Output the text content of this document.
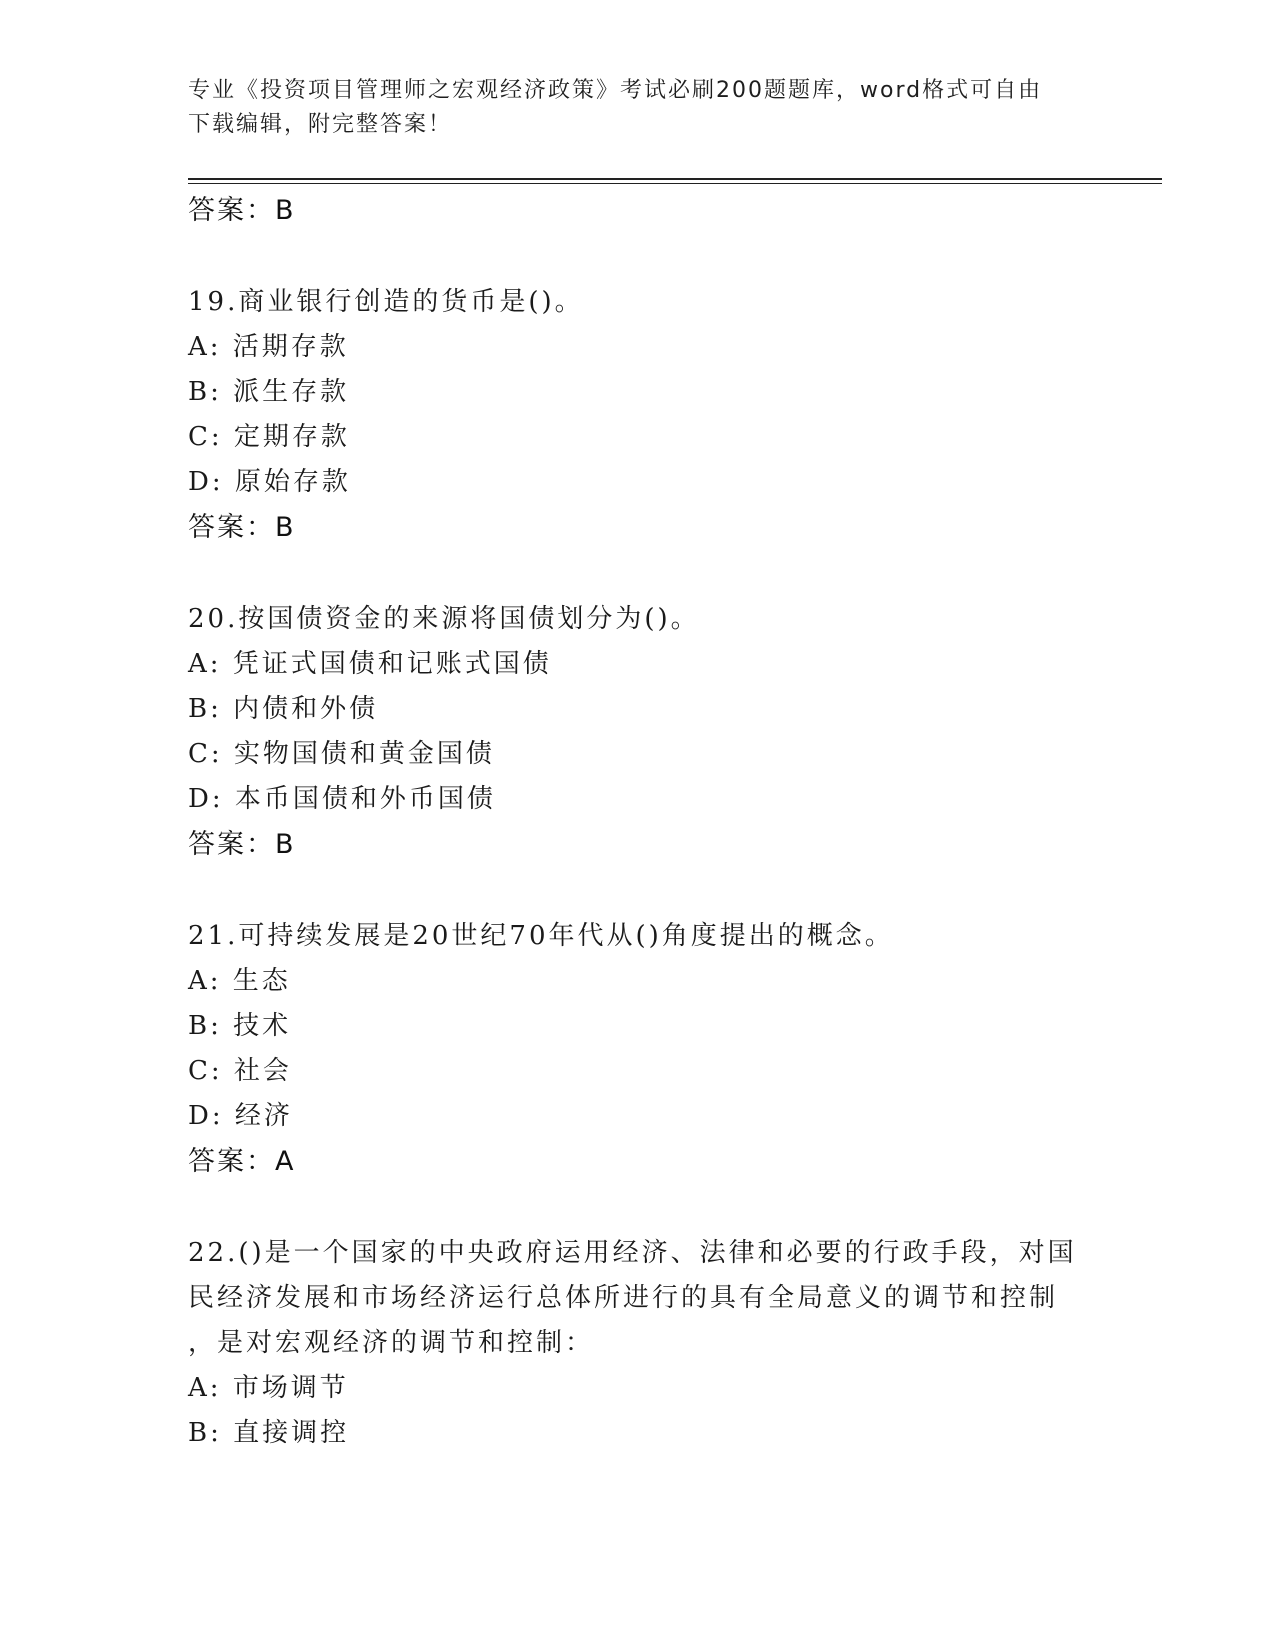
专业《投资项目管理师之宏观经济政策》考试必刷200题题库，word格式可自由
下载编辑，附完整答案！
答案：B
19.商业银行创造的货币是()。
A: 活期存款
B: 派生存款
C: 定期存款
D: 原始存款
答案：B
20.按国债资金的来源将国债划分为()。
A: 凭证式国债和记账式国债
B: 内债和外债
C: 实物国债和黄金国债
D: 本币国债和外币国债
答案：B
21.可持续发展是20世纪70年代从()角度提出的概念。
A: 生态
B: 技术
C: 社会
D: 经济
答案：A
22.()是一个国家的中央政府运用经济、法律和必要的行政手段，对国
民经济发展和市场经济运行总体所进行的具有全局意义的调节和控制
，是对宏观经济的调节和控制：
A: 市场调节
B: 直接调控
